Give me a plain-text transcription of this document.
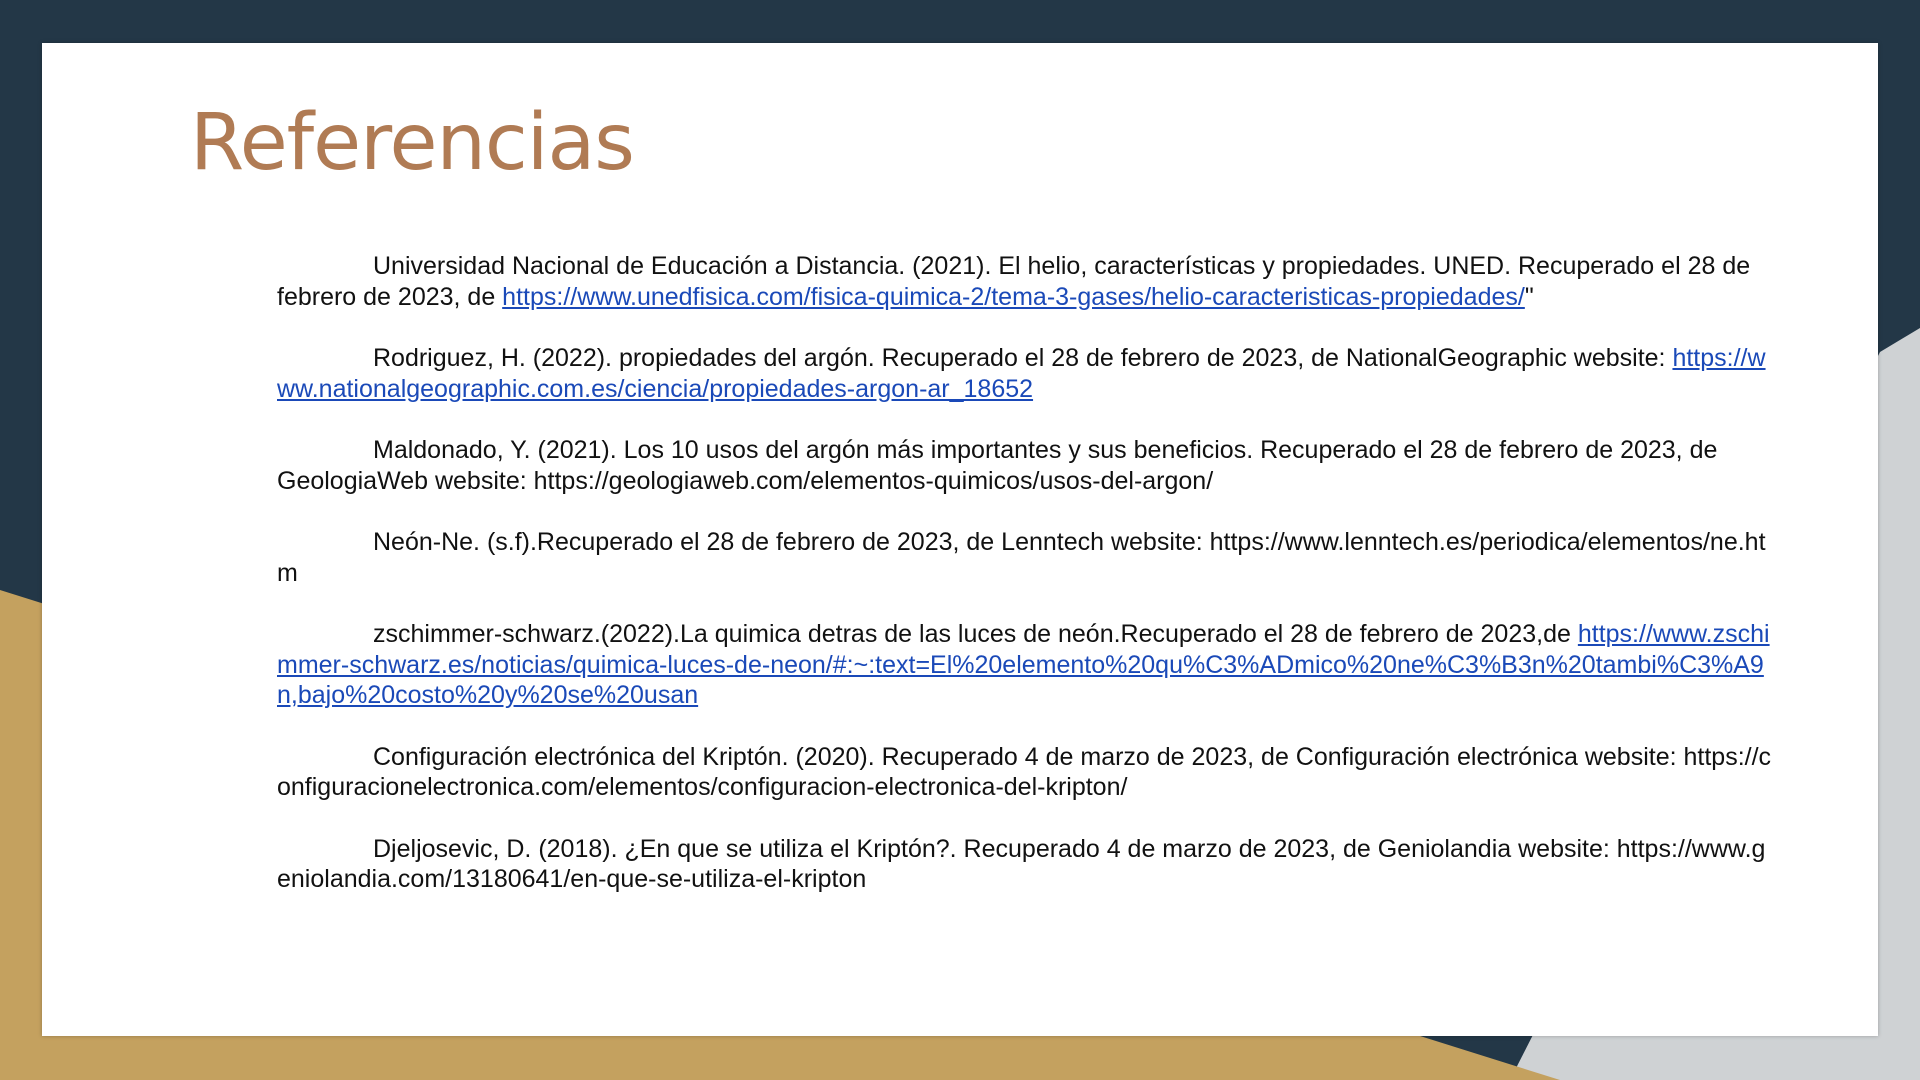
Referencias
Universidad Nacional de Educación a Distancia. (2021). El helio, características y propiedades. UNED. Recuperado el 28 de febrero de 2023, de https://www.unedfisica.com/fisica-quimica-2/tema-3-gases/helio-caracteristicas-propiedades/"
Rodriguez, H. (2022). propiedades del argón. Recuperado el 28 de febrero de 2023, de NationalGeographic website: https://www.nationalgeographic.com.es/ciencia/propiedades-argon-ar_18652
Maldonado, Y. (2021). Los 10 usos del argón más importantes y sus beneficios. Recuperado el 28 de febrero de 2023, de GeologiaWeb website: https://geologiaweb.com/elementos-quimicos/usos-del-argon/
Neón-Ne. (s.f).Recuperado el 28 de febrero de 2023, de Lenntech website: https://www.lenntech.es/periodica/elementos/ne.htm
zschimmer-schwarz.(2022).La quimica detras de las luces de neón.Recuperado el 28 de febrero de 2023,de https://www.zschimmer-schwarz.es/noticias/quimica-luces-de-neon/#:~:text=El%20elemento%20qu%C3%ADmico%20ne%C3%B3n%20tambi%C3%A9n,bajo%20costo%20y%20se%20usan
Configuración electrónica del Kriptón. (2020). Recuperado 4 de marzo de 2023, de Configuración electrónica website: https://configuracionelectronica.com/elementos/configuracion-electronica-del-kripton/
Djeljosevic, D. (2018). ¿En que se utiliza el Kriptón?. Recuperado 4 de marzo de 2023, de Geniolandia website: https://www.geniolandia.com/13180641/en-que-se-utiliza-el-kripton
